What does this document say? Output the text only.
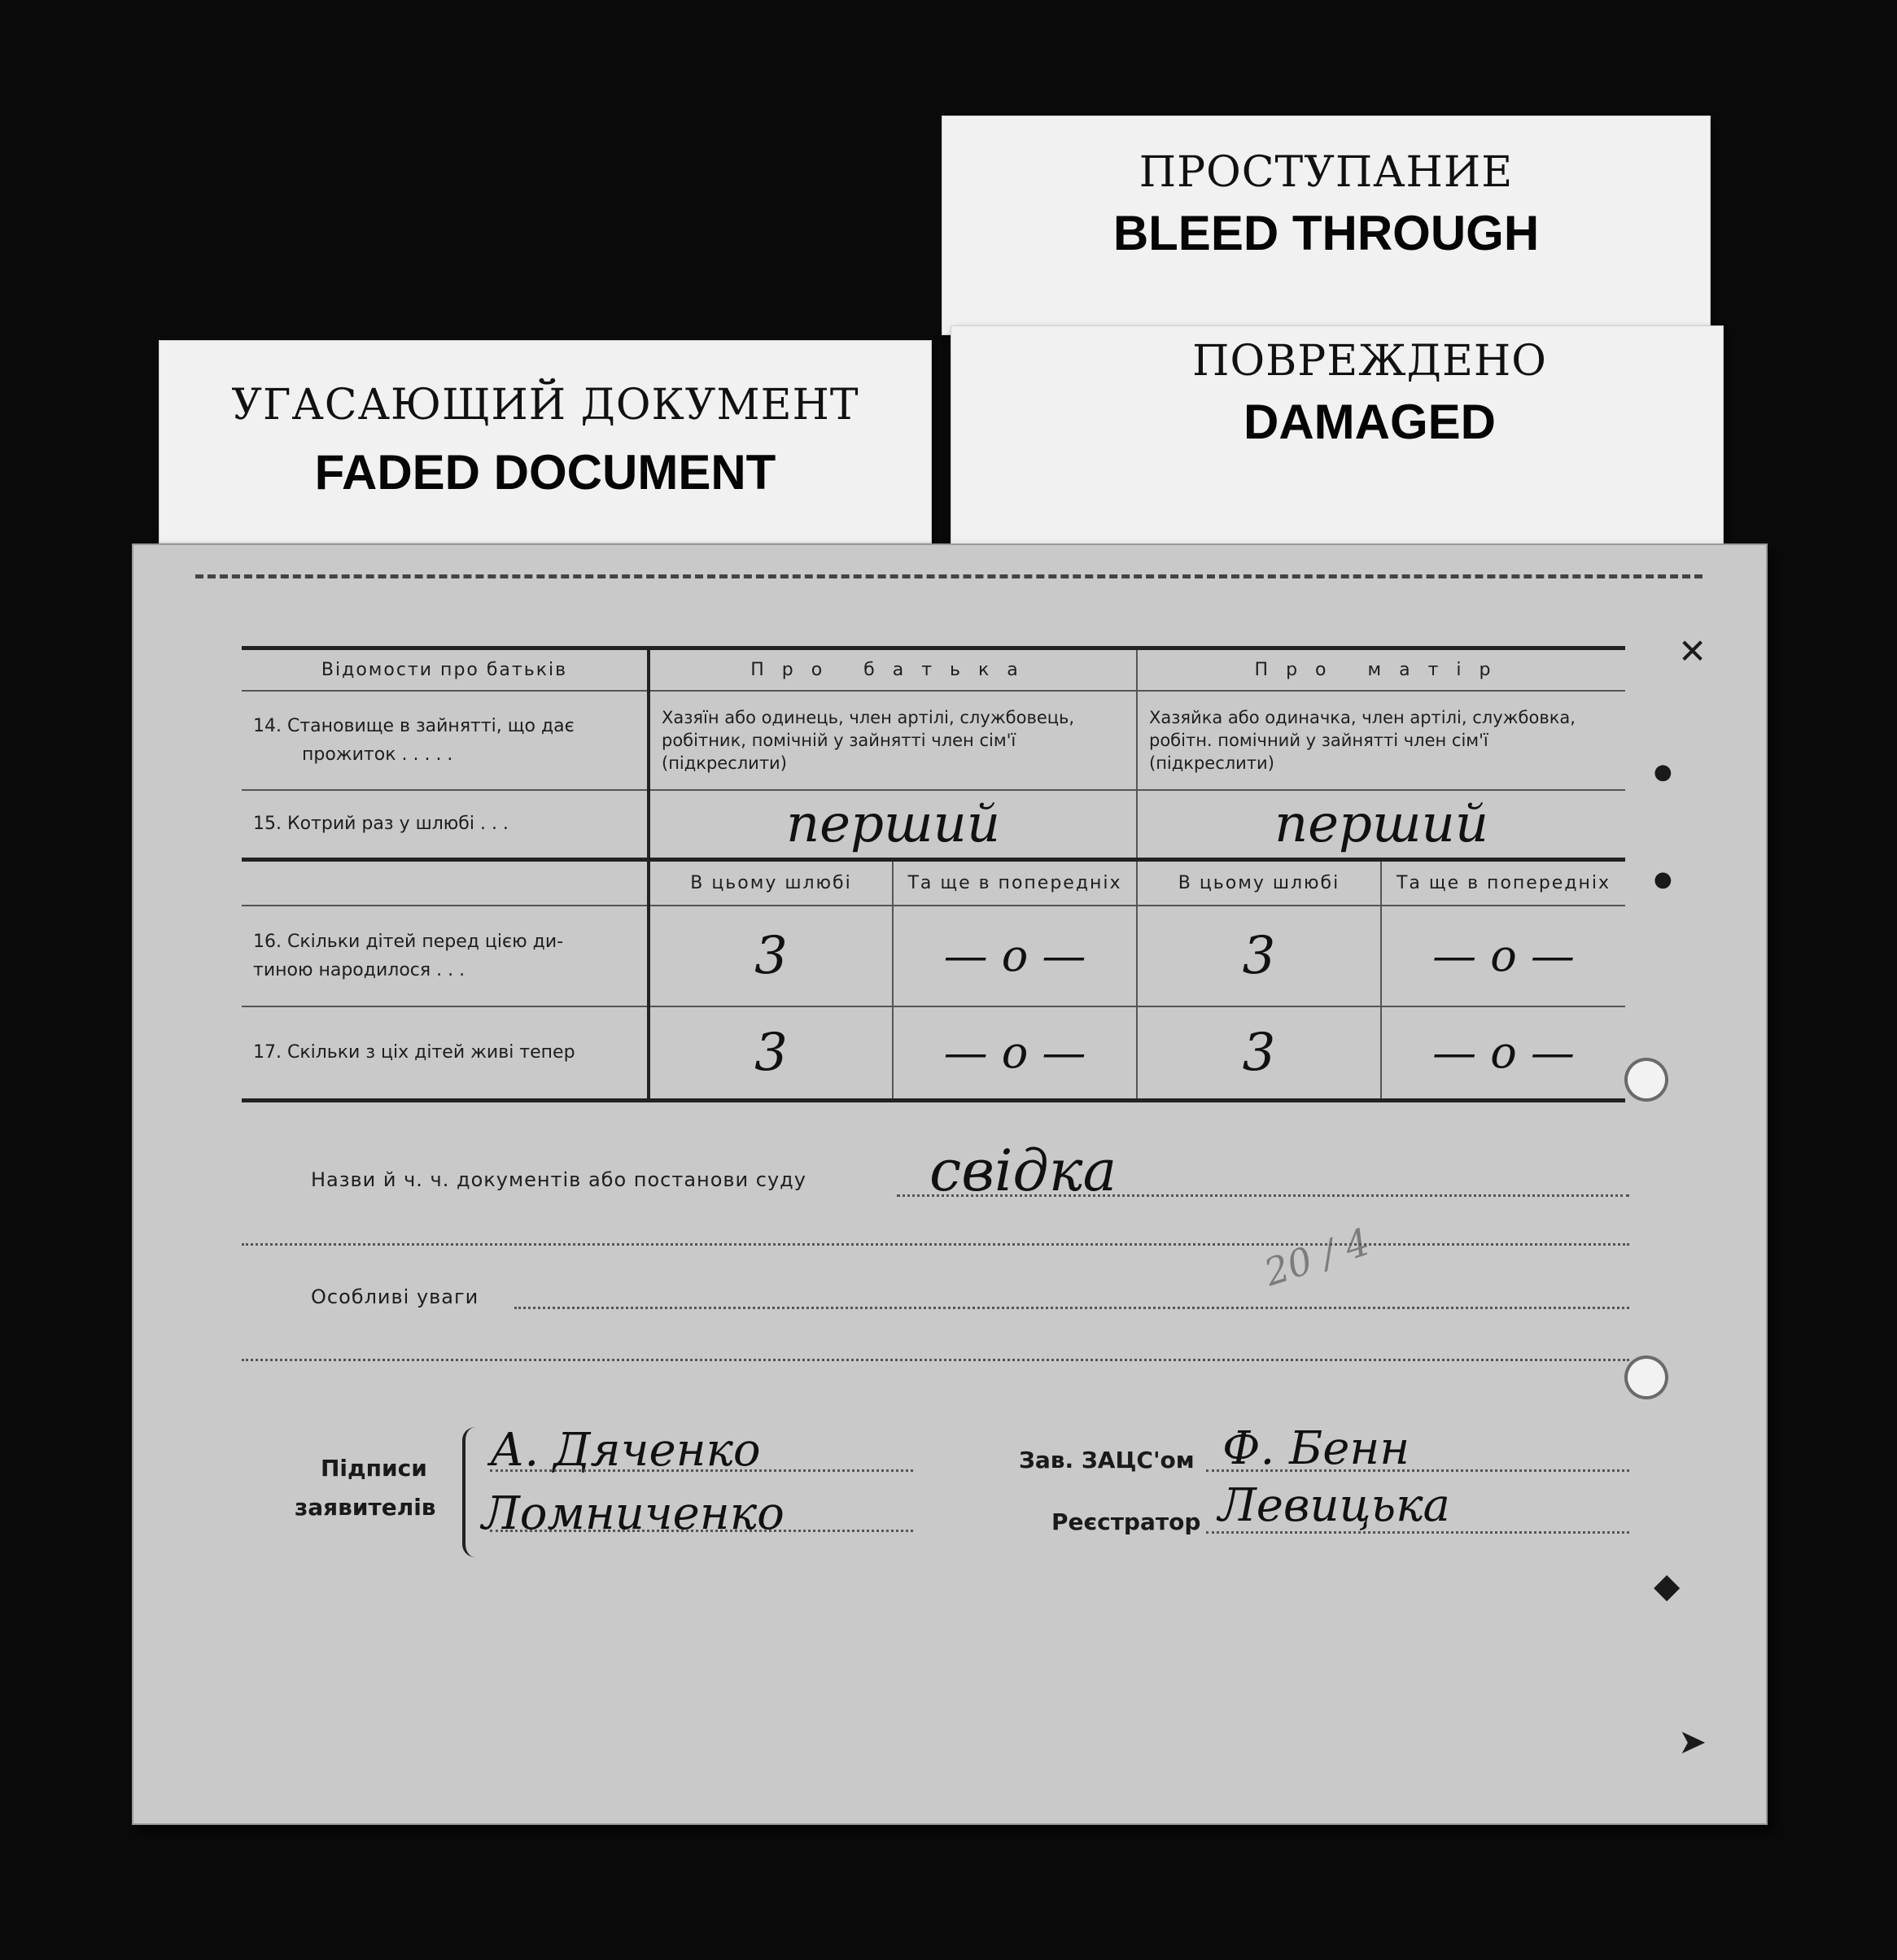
ПРОСТУПАНИЕ
BLEED THROUGH
ПОВРЕЖДЕНО
DAMAGED
УГАСАЮЩИЙ ДОКУМЕНТ
FADED DOCUMENT
✕
●
●
◆
➤
Відомости про батьків	Про батька		Про матір	

14. Становище в зайнятті, що дає
прожиток . . . . .	Хазяїн або одинець, член артілі, службовець, робітник, помічній у зайнятті член сім'ї (підкреслити)		Хазяйка або одиначка, член артілі, службовка, робітн. помічний у зайнятті член сім'ї (підкреслити)	
15. Котрий раз у шлюбі . . .	перший		перший	
	В цьому шлюбі	Та ще в попередніх	В цьому шлюбі	Та ще в попередніх

16. Скільки дітей перед цією ди-
тиною народилося . . .	3	— о —	3	— о —
17. Скільки з ціх дітей живі тепер	3	— о —	3	— о —
20 / 4
Назви й ч. ч. документів або постанови суду свідка
Особливі уваги
Підписи
заявителів
А. Дяченко
Ломниченко
Зав. ЗАЦС'ом Ф. Бенн
Реєстратор Левицька
